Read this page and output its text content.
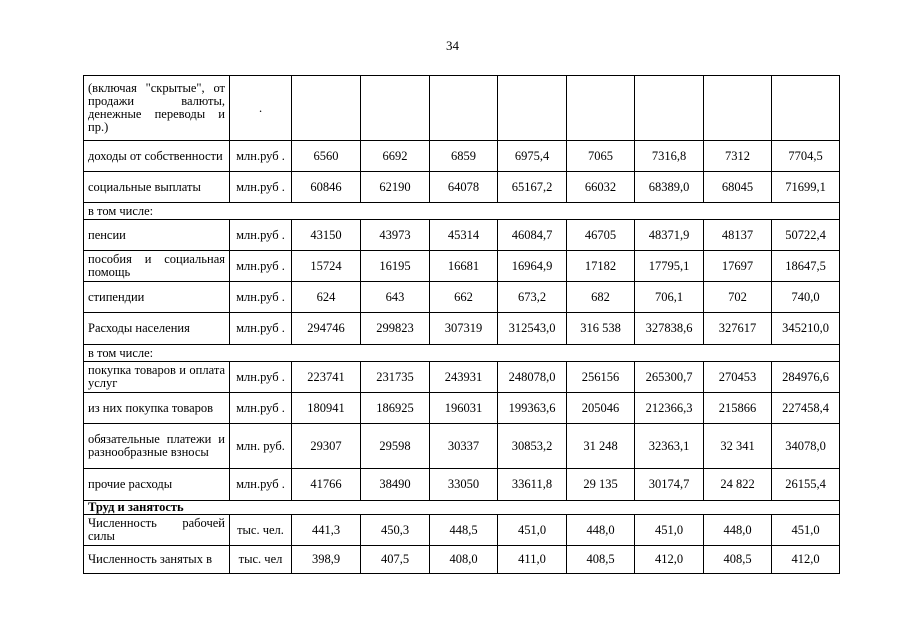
34
(включая "скрытые", от продажи валюты, денежные переводы и пр.)	.								
доходы от собственности	млн.руб .	6560	6692	6859	6975,4	7065	7316,8	7312	7704,5
социальные выплаты	млн.руб .	60846	62190	64078	65167,2	66032	68389,0	68045	71699,1
в том числе:									
пенсии	млн.руб .	43150	43973	45314	46084,7	46705	48371,9	48137	50722,4
пособия и социальная помощь	млн.руб .	15724	16195	16681	16964,9	17182	17795,1	17697	18647,5
стипендии	млн.руб .	624	643	662	673,2	682	706,1	702	740,0
Расходы населения	млн.руб .	294746	299823	307319	312543,0	316 538	327838,6	327617	345210,0
в том числе:									
покупка товаров и оплата услуг	млн.руб .	223741	231735	243931	248078,0	256156	265300,7	270453	284976,6
из них покупка товаров	млн.руб .	180941	186925	196031	199363,6	205046	212366,3	215866	227458,4
обязательные платежи и разнообразные взносы	млн. руб.	29307	29598	30337	30853,2	31 248	32363,1	32 341	34078,0
прочие расходы	млн.руб .	41766	38490	33050	33611,8	29 135	30174,7	24 822	26155,4
Труд и занятость									
Численность рабочей силы	тыс. чел.	441,3	450,3	448,5	451,0	448,0	451,0	448,0	451,0
Численность занятых в	тыс. чел	398,9	407,5	408,0	411,0	408,5	412,0	408,5	412,0
